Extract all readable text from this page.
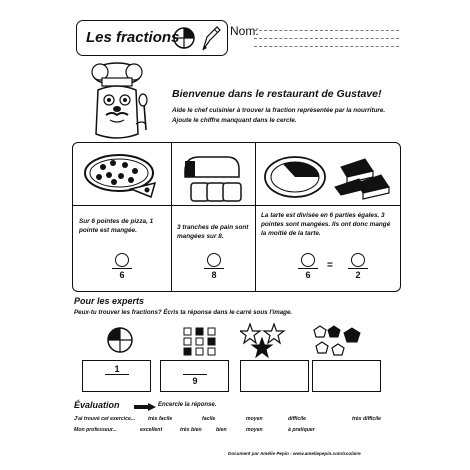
Les fractions	Nom:
Bienvenue dans le restaurant de Gustave!
Aide le chef cuisinier à trouver la fraction représentée par la nourriture. Ajoute le chiffre manquant dans le cercle.
Sur 6 pointes de pizza, 1 pointe est mangée.	3 tranches de pain sont mangées sur 8.
La tarte est divisée en 6 parties égales. 3 pointes sont mangées. Ils ont donc mangé la moitié de la tarte.
6	8	6
=
2
Pour les experts
Peux-tu trouver les fractions? Écris ta réponse dans le carré sous l'image.
1
9
Évaluation	Encercle la réponse.
J'ai trouvé cet exercice... très facile	facile	moyen	difficile	très difficile
Mon professeur...	excellent	très bien	bien	moyen	à pratiquer
Document par Amélie Pepin - www.ameliepepin.com/scolaire
